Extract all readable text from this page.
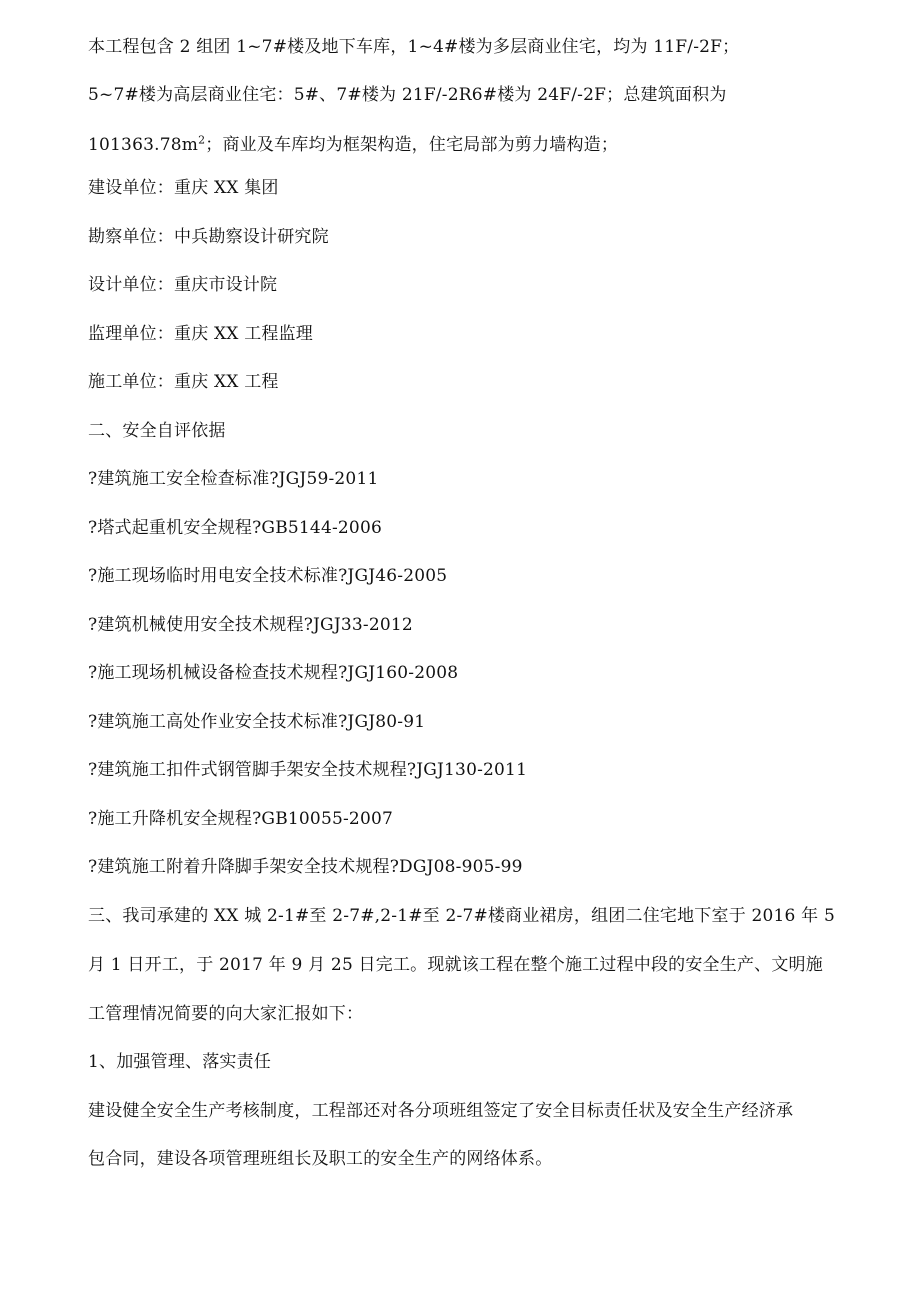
本工程包含 2 组团 1~7#楼及地下车库，1~4#楼为多层商业住宅，均为 11F/-2F；
5~7#楼为高层商业住宅：5#、7#楼为 21F/-2R6#楼为 24F/-2F；总建筑面积为
$101363.78m^2$；商业及车库均为框架构造，住宅局部为剪力墙构造；
建设单位：重庆 XX 集团
勘察单位：中兵勘察设计研究院
设计单位：重庆市设计院
监理单位：重庆 XX 工程监理
施工单位：重庆 XX 工程
二、安全自评依据
?建筑施工安全检查标准?JGJ59-2011
?塔式起重机安全规程?GB5144-2006
?施工现场临时用电安全技术标准?JGJ46-2005
?建筑机械使用安全技术规程?JGJ33-2012
?施工现场机械设备检查技术规程?JGJ160-2008
?建筑施工高处作业安全技术标准?JGJ80-91
?建筑施工扣件式钢管脚手架安全技术规程?JGJ130-2011
?施工升降机安全规程?GB10055-2007
?建筑施工附着升降脚手架安全技术规程?DGJ08-905-99
三、我司承建的 XX 城 2-1#至 2-7#,2-1#至 2-7#楼商业裙房，组团二住宅地下室于 2016 年 5
月 1 日开工，于 2017 年 9 月 25 日完工。现就该工程在整个施工过程中段的安全生产、文明施
工管理情况简要的向大家汇报如下：
1、加强管理、落实责任
建设健全安全生产考核制度，工程部还对各分项班组签定了安全目标责任状及安全生产经济承
包合同，建设各项管理班组长及职工的安全生产的网络体系。
